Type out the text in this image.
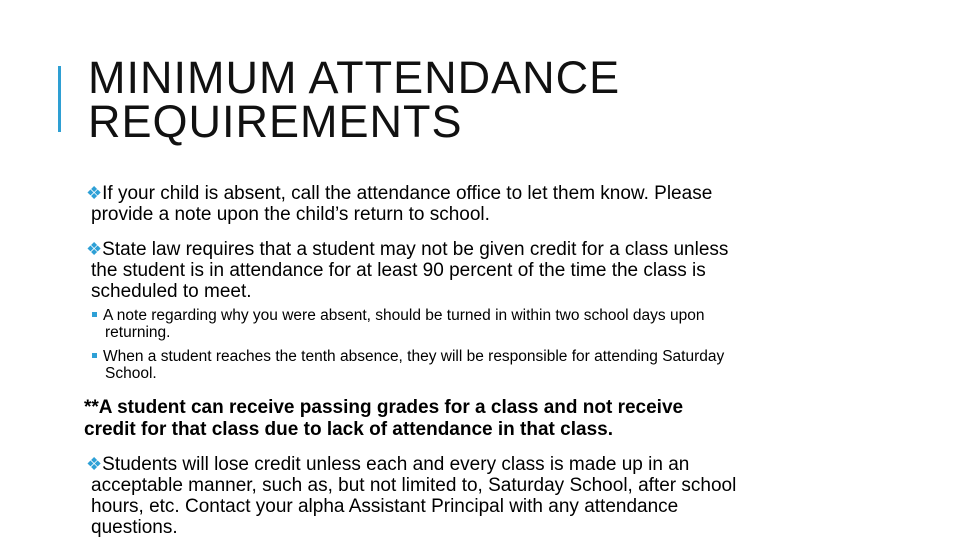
MINIMUM ATTENDANCE
REQUIREMENTS
❖If your child is absent, call the attendance office to let them know. Please
provide a note upon the child’s return to school.
❖State law requires that a student may not be given credit for a class unless
the student is in attendance for at least 90 percent of the time the class is
scheduled to meet.
A note regarding why you were absent, should be turned in within two school days upon
returning.
When a student reaches the tenth absence, they will be responsible for attending Saturday
School.
**A student can receive passing grades for a class and not receive
credit for that class due to lack of attendance in that class.
❖Students will lose credit unless each and every class is made up in an
acceptable manner, such as, but not limited to, Saturday School, after school
hours, etc. Contact your alpha Assistant Principal with any attendance
questions.
